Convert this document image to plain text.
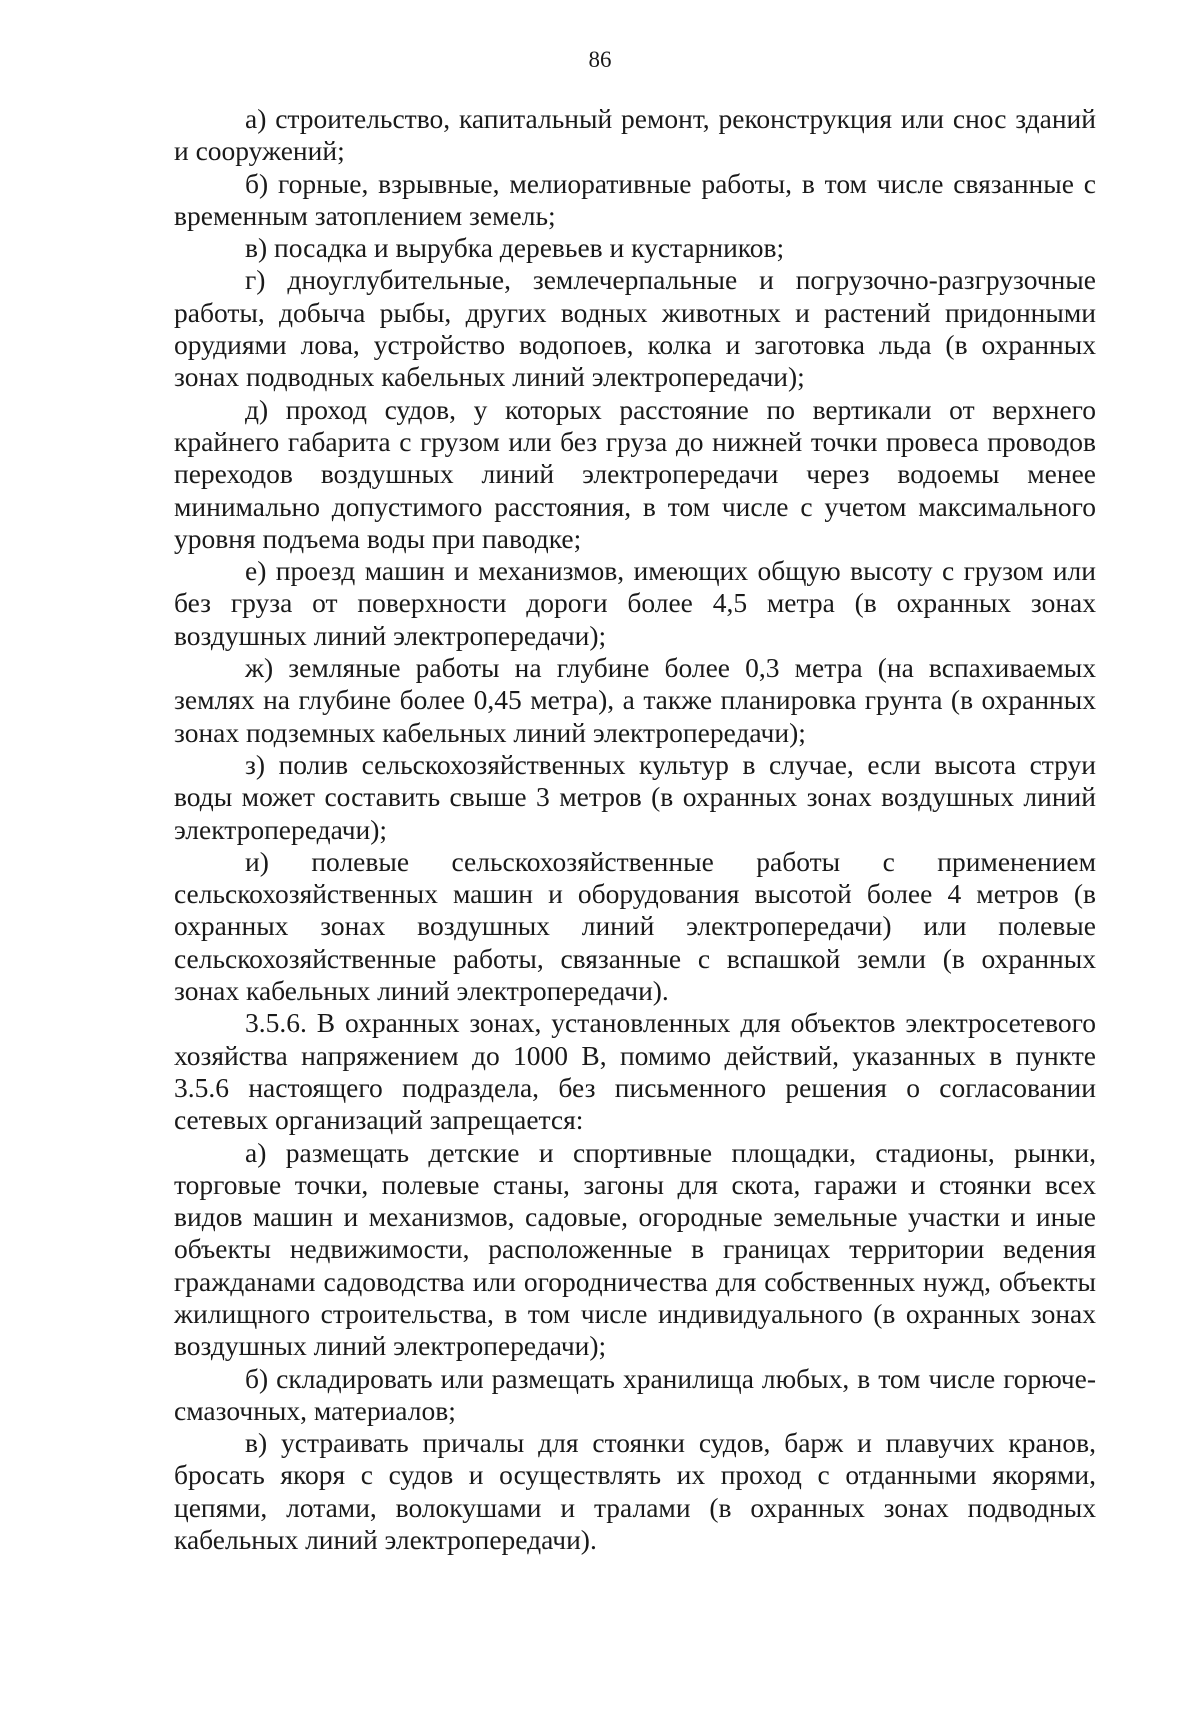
86

а) строительство, капитальный ремонт, реконструкция или снос зданий и сооружений;

б) горные, взрывные, мелиоративные работы, в том числе связанные с временным затоплением земель;

в) посадка и вырубка деревьев и кустарников;

г) дноуглубительные, землечерпальные и погрузочно-разгрузочные работы, добыча рыбы, других водных животных и растений придонными орудиями лова, устройство водопоев, колка и заготовка льда (в охранных зонах подводных кабельных линий электропередачи);

д) проход судов, у которых расстояние по вертикали от верхнего крайнего габарита с грузом или без груза до нижней точки провеса проводов переходов воздушных линий электропередачи через водоемы менее минимально допустимого расстояния, в том числе с учетом максимального уровня подъема воды при паводке;

е) проезд машин и механизмов, имеющих общую высоту с грузом или без груза от поверхности дороги более 4,5 метра (в охранных зонах воздушных линий электропередачи);

ж) земляные работы на глубине более 0,3 метра (на вспахиваемых землях на глубине более 0,45 метра), а также планировка грунта (в охранных зонах подземных кабельных линий электропередачи);

з) полив сельскохозяйственных культур в случае, если высота струи воды может составить свыше 3 метров (в охранных зонах воздушных линий электропередачи);

и) полевые сельскохозяйственные работы с применением сельскохозяйственных машин и оборудования высотой более 4 метров (в охранных зонах воздушных линий электропередачи) или полевые сельскохозяйственные работы, связанные с вспашкой земли (в охранных зонах кабельных линий электропередачи).

3.5.6. В охранных зонах, установленных для объектов электросетевого хозяйства напряжением до 1000 В, помимо действий, указанных в пункте 3.5.6 настоящего подраздела, без письменного решения о согласовании сетевых организаций запрещается:

а) размещать детские и спортивные площадки, стадионы, рынки, торговые точки, полевые станы, загоны для скота, гаражи и стоянки всех видов машин и механизмов, садовые, огородные земельные участки и иные объекты недвижимости, расположенные в границах территории ведения гражданами садоводства или огородничества для собственных нужд, объекты жилищного строительства, в том числе индивидуального (в охранных зонах воздушных линий электропередачи);

б) складировать или размещать хранилища любых, в том числе горюче-смазочных, материалов;

в) устраивать причалы для стоянки судов, барж и плавучих кранов, бросать якоря с судов и осуществлять их проход с отданными якорями, цепями, лотами, волокушами и тралами (в охранных зонах подводных кабельных линий электропередачи).
